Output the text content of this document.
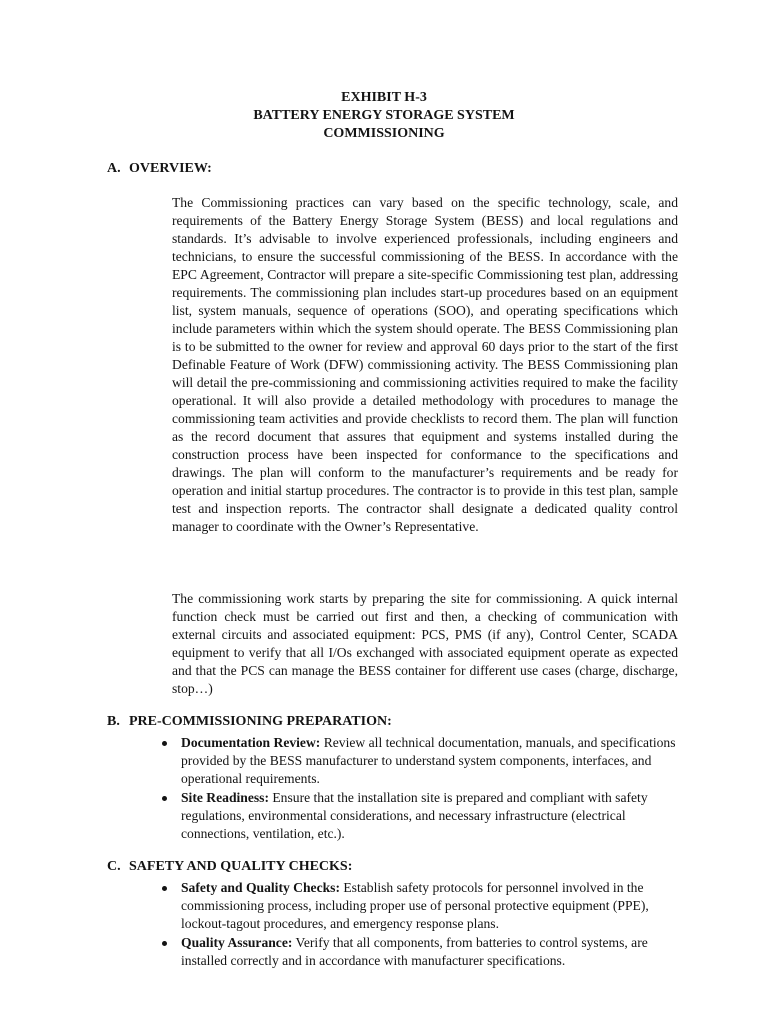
EXHIBIT H-3
BATTERY ENERGY STORAGE SYSTEM
COMMISSIONING
A. OVERVIEW:
The Commissioning practices can vary based on the specific technology, scale, and requirements of the Battery Energy Storage System (BESS) and local regulations and standards. It’s advisable to involve experienced professionals, including engineers and technicians, to ensure the successful commissioning of the BESS. In accordance with the EPC Agreement, Contractor will prepare a site-specific Commissioning test plan, addressing requirements. The commissioning plan includes start-up procedures based on an equipment list, system manuals, sequence of operations (SOO), and operating specifications which include parameters within which the system should operate. The BESS Commissioning plan is to be submitted to the owner for review and approval 60 days prior to the start of the first Definable Feature of Work (DFW) commissioning activity. The BESS Commissioning plan will detail the pre-commissioning and commissioning activities required to make the facility operational. It will also provide a detailed methodology with procedures to manage the commissioning team activities and provide checklists to record them. The plan will function as the record document that assures that equipment and systems installed during the construction process have been inspected for conformance to the specifications and drawings. The plan will conform to the manufacturer’s requirements and be ready for operation and initial startup procedures. The contractor is to provide in this test plan, sample test and inspection reports. The contractor shall designate a dedicated quality control manager to coordinate with the Owner’s Representative.
The commissioning work starts by preparing the site for commissioning. A quick internal function check must be carried out first and then, a checking of communication with external circuits and associated equipment: PCS, PMS (if any), Control Center, SCADA equipment to verify that all I/Os exchanged with associated equipment operate as expected and that the PCS can manage the BESS container for different use cases (charge, discharge, stop…)
B. PRE-COMMISSIONING PREPARATION:
Documentation Review: Review all technical documentation, manuals, and specifications provided by the BESS manufacturer to understand system components, interfaces, and operational requirements.
Site Readiness: Ensure that the installation site is prepared and compliant with safety regulations, environmental considerations, and necessary infrastructure (electrical connections, ventilation, etc.).
C. SAFETY AND QUALITY CHECKS:
Safety and Quality Checks: Establish safety protocols for personnel involved in the commissioning process, including proper use of personal protective equipment (PPE), lockout-tagout procedures, and emergency response plans.
Quality Assurance: Verify that all components, from batteries to control systems, are installed correctly and in accordance with manufacturer specifications.
